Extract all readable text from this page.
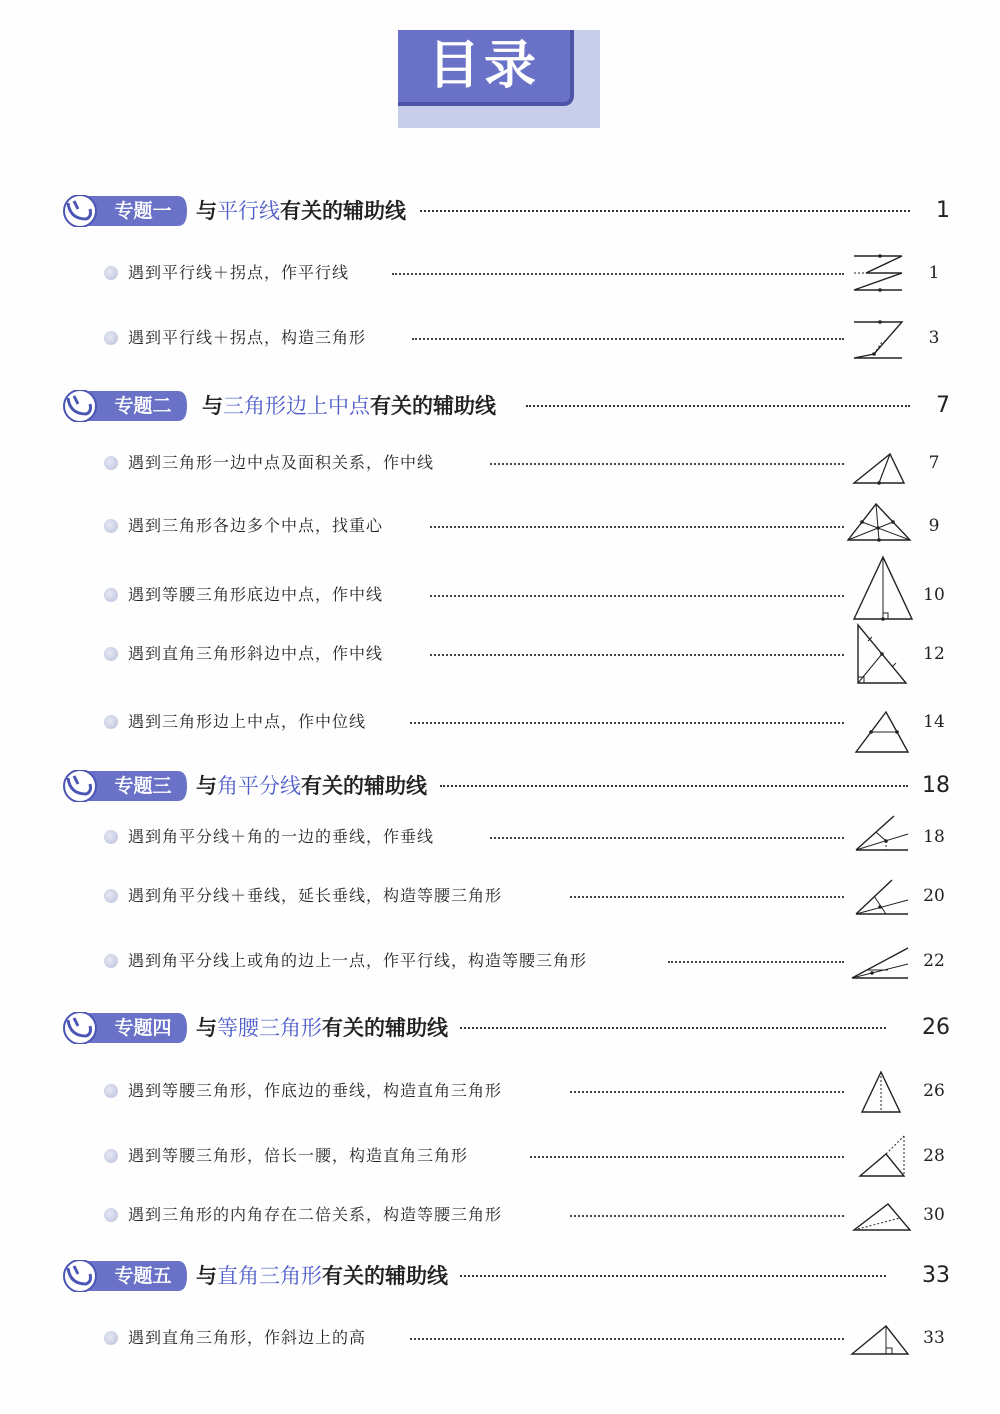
目录
专题一	与平行线有关的辅助线	1
遇到平行线＋拐点，作平行线	1
遇到平行线＋拐点，构造三角形	3
专题二	与三角形边上中点有关的辅助线	7
遇到三角形一边中点及面积关系，作中线	7
遇到三角形各边多个中点，找重心	9
遇到等腰三角形底边中点，作中线	10
遇到直角三角形斜边中点，作中线	12
遇到三角形边上中点，作中位线	14
专题三	与角平分线有关的辅助线	18
遇到角平分线＋角的一边的垂线，作垂线	18
遇到角平分线＋垂线，延长垂线，构造等腰三角形	20
遇到角平分线上或角的边上一点，作平行线，构造等腰三角形	22
专题四	与等腰三角形有关的辅助线	26
遇到等腰三角形，作底边的垂线，构造直角三角形	26
遇到等腰三角形，倍长一腰，构造直角三角形	28
遇到三角形的内角存在二倍关系，构造等腰三角形	30
专题五	与直角三角形有关的辅助线	33
遇到直角三角形，作斜边上的高	33
